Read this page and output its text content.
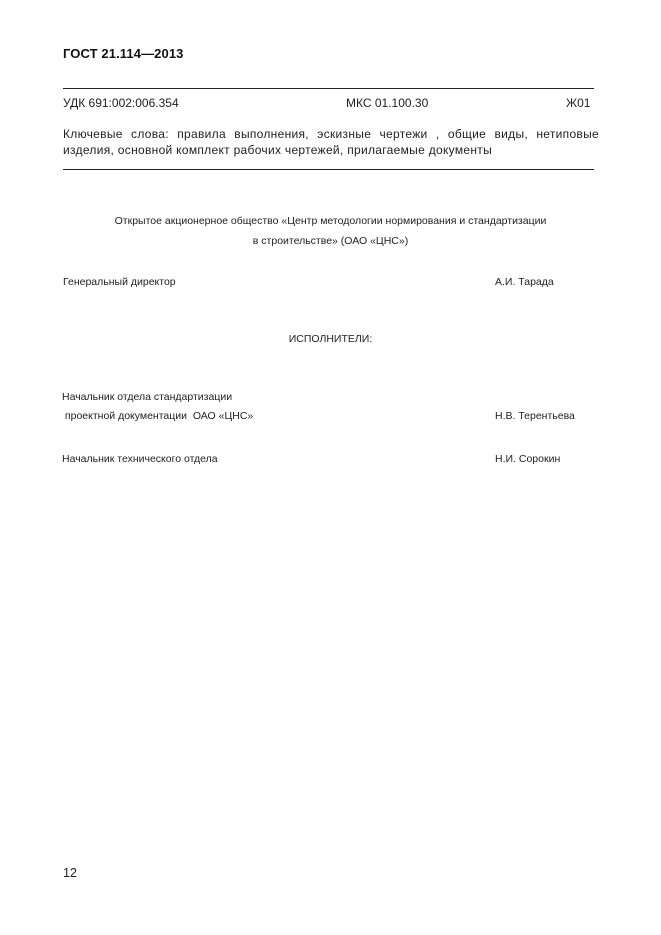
ГОСТ 21.114—2013
УДК 691:002:006.354	МКС 01.100.30	Ж01
Ключевые слова: правила выполнения, эскизные чертежи , общие виды, нетиповые изделия, основной комплект рабочих чертежей, прилагаемые документы
Открытое акционерное общество «Центр методологии нормирования и стандартизации
в строительстве» (ОАО «ЦНС»)
Генеральный директор	А.И. Тарада
ИСПОЛНИТЕЛИ:
Начальник отдела стандартизации
проектной документации  ОАО «ЦНС»	Н.В. Терентьева
Начальник технического отдела	Н.И. Сорокин
12
